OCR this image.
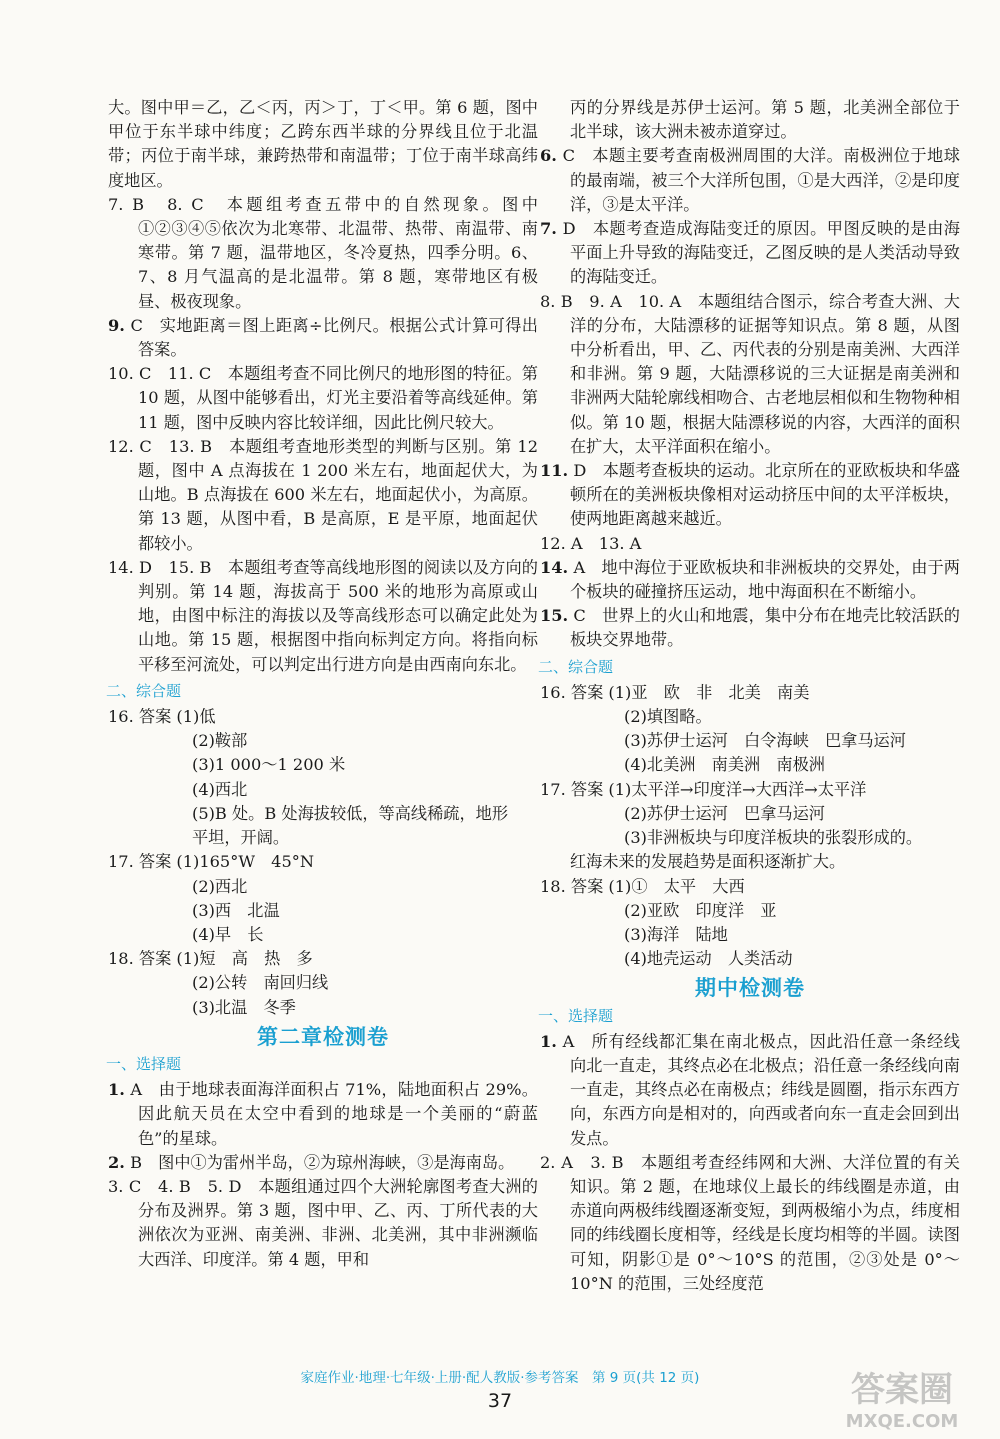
大。图中甲＝乙，乙＜丙，丙＞丁，丁＜甲。第 6 题，图中甲位于东半球中纬度；乙跨东西半球的分界线且位于北温带；丙位于南半球，兼跨热带和南温带；丁位于南半球高纬度地区。

7. B　8. C　本题组考查五带中的自然现象。图中①②③④⑤依次为北寒带、北温带、热带、南温带、南寒带。第 7 题，温带地区，冬冷夏热，四季分明。6、7、8 月气温高的是北温带。第 8 题，寒带地区有极昼、极夜现象。

9. C　实地距离＝图上距离÷比例尺。根据公式计算可得出答案。

10. C　11. C　本题组考查不同比例尺的地形图的特征。第 10 题，从图中能够看出，灯光主要沿着等高线延伸。第 11 题，图中反映内容比较详细，因此比例尺较大。

12. C　13. B　本题组考查地形类型的判断与区别。第 12 题，图中 A 点海拔在 1 200 米左右，地面起伏大，为山地。B 点海拔在 600 米左右，地面起伏小，为高原。第 13 题，从图中看，B 是高原，E 是平原，地面起伏都较小。

14. D　15. B　本题组考查等高线地形图的阅读以及方向的判别。第 14 题，海拔高于 500 米的地形为高原或山地，由图中标注的海拔以及等高线形态可以确定此处为山地。第 15 题，根据图中指向标判定方向。将指向标平移至河流处，可以判定出行进方向是由西南向东北。

二、综合题
16. 答案 (1)低
(2)鞍部
(3)1 000～1 200 米
(4)西北
(5)B 处。B 处海拔较低，等高线稀疏，地形
平坦，开阔。
17. 答案 (1)165°W　45°N
(2)西北
(3)西　北温
(4)早　长
18. 答案 (1)短　高　热　多
(2)公转　南回归线
(3)北温　冬季
第二章检测卷
一、选择题

1. A　由于地球表面海洋面积占 71%，陆地面积占 29%。因此航天员在太空中看到的地球是一个美丽的“蔚蓝色”的星球。

2. B　图中①为雷州半岛，②为琼州海峡，③是海南岛。

3. C　4. B　5. D　本题组通过四个大洲轮廓图考查大洲的分布及洲界。第 3 题，图中甲、乙、丙、丁所代表的大洲依次为亚洲、南美洲、非洲、北美洲，其中非洲濒临大西洋、印度洋。第 4 题，甲和

丙的分界线是苏伊士运河。第 5 题，北美洲全部位于北半球，该大洲未被赤道穿过。

6. C　本题主要考查南极洲周围的大洋。南极洲位于地球的最南端，被三个大洋所包围，①是大西洋，②是印度洋，③是太平洋。

7. D　本题考查造成海陆变迁的原因。甲图反映的是由海平面上升导致的海陆变迁，乙图反映的是人类活动导致的海陆变迁。

8. B　9. A　10. A　本题组结合图示，综合考查大洲、大洋的分布，大陆漂移的证据等知识点。第 8 题，从图中分析看出，甲、乙、丙代表的分别是南美洲、大西洋和非洲。第 9 题，大陆漂移说的三大证据是南美洲和非洲两大陆轮廓线相吻合、古老地层相似和生物物种相似。第 10 题，根据大陆漂移说的内容，大西洋的面积在扩大，太平洋面积在缩小。

11. D　本题考查板块的运动。北京所在的亚欧板块和华盛顿所在的美洲板块像相对运动挤压中间的太平洋板块，使两地距离越来越近。

12. A　13. A

14. A　地中海位于亚欧板块和非洲板块的交界处，由于两个板块的碰撞挤压运动，地中海面积在不断缩小。

15. C　世界上的火山和地震，集中分布在地壳比较活跃的板块交界地带。

二、综合题
16. 答案 (1)亚　欧　非　北美　南美
(2)填图略。
(3)苏伊士运河　白令海峡　巴拿马运河
(4)北美洲　南美洲　南极洲
17. 答案 (1)太平洋→印度洋→大西洋→太平洋
(2)苏伊士运河　巴拿马运河
(3)非洲板块与印度洋板块的张裂形成的。
红海未来的发展趋势是面积逐渐扩大。
18. 答案 (1)①　太平　大西
(2)亚欧　印度洋　亚
(3)海洋　陆地
(4)地壳运动　人类活动
期中检测卷
一、选择题

1. A　所有经线都汇集在南北极点，因此沿任意一条经线向北一直走，其终点必在北极点；沿任意一条经线向南一直走，其终点必在南极点；纬线是圆圈，指示东西方向，东西方向是相对的，向西或者向东一直走会回到出发点。

2. A　3. B　本题组考查经纬网和大洲、大洋位置的有关知识。第 2 题，在地球仪上最长的纬线圈是赤道，由赤道向两极纬线圈逐渐变短，到两极缩小为点，纬度相同的纬线圈长度相等，经线是长度均相等的半圆。读图可知，阴影①是 0°～10°S 的范围，②③处是 0°～10°N 的范围，三处经度范

家庭作业·地理·七年级·上册·配人教版·参考答案　第 9 页(共 12 页)
37	答案圈
MXQE.COM
